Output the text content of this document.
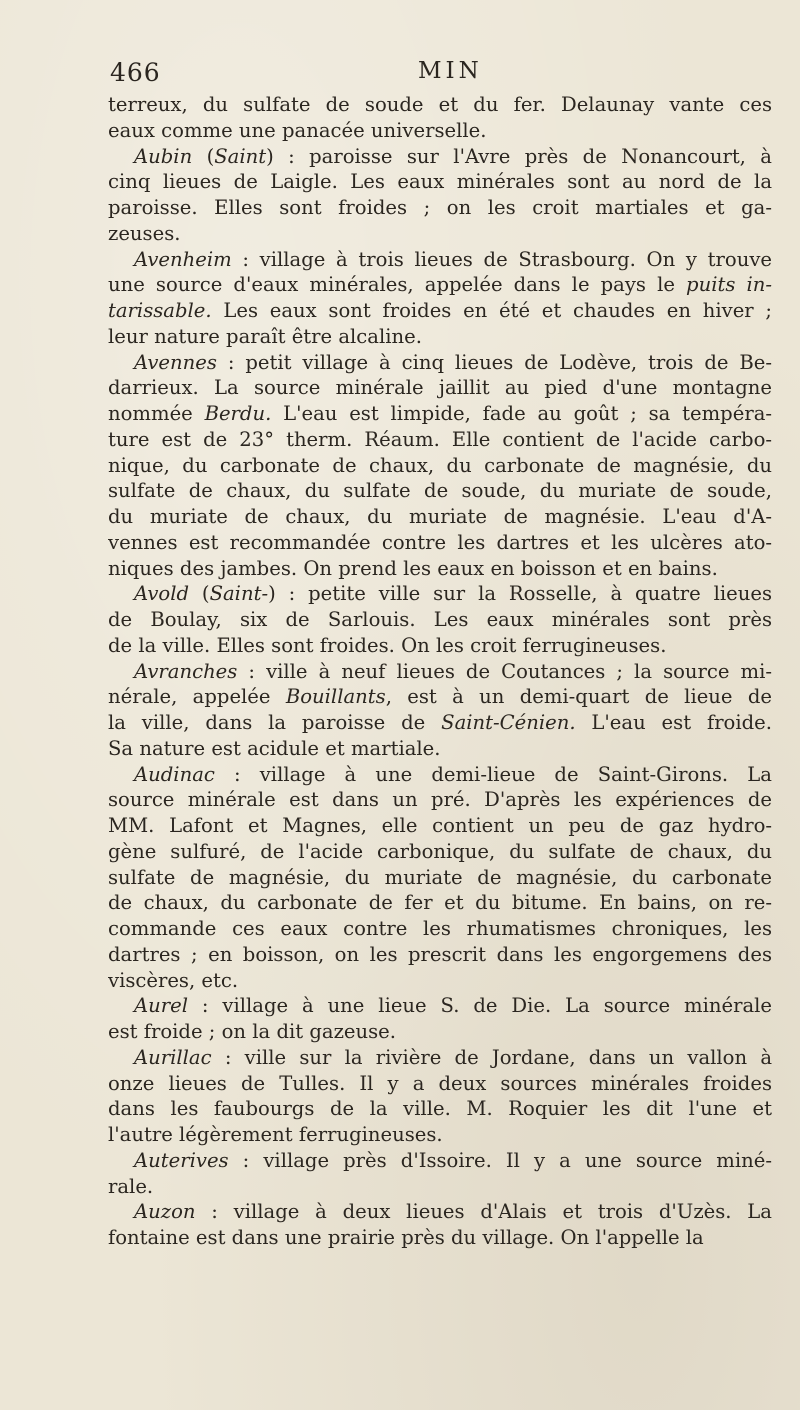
466	MIN
terreux, du sulfate de soude et du fer. Delaunay vante ces
eaux comme une panacée universelle.
Aubin (Saint) : paroisse sur l'Avre près de Nonancourt, à
cinq lieues de Laigle. Les eaux minérales sont au nord de la
paroisse. Elles sont froides ; on les croit martiales et ga-
zeuses.
Avenheim : village à trois lieues de Strasbourg. On y trouve
une source d'eaux minérales, appelée dans le pays le puits in-
tarissable. Les eaux sont froides en été et chaudes en hiver ;
leur nature paraît être alcaline.
Avennes : petit village à cinq lieues de Lodève, trois de Be-
darrieux. La source minérale jaillit au pied d'une montagne
nommée Berdu. L'eau est limpide, fade au goût ; sa tempéra-
ture est de 23° therm. Réaum. Elle contient de l'acide carbo-
nique, du carbonate de chaux, du carbonate de magnésie, du
sulfate de chaux, du sulfate de soude, du muriate de soude,
du muriate de chaux, du muriate de magnésie. L'eau d'A-
vennes est recommandée contre les dartres et les ulcères ato-
niques des jambes. On prend les eaux en boisson et en bains.
Avold (Saint-) : petite ville sur la Rosselle, à quatre lieues
de Boulay, six de Sarlouis. Les eaux minérales sont près
de la ville. Elles sont froides. On les croit ferrugineuses.
Avranches : ville à neuf lieues de Coutances ; la source mi-
nérale, appelée Bouillants, est à un demi-quart de lieue de
la ville, dans la paroisse de Saint-Cénien. L'eau est froide.
Sa nature est acidule et martiale.
Audinac : village à une demi-lieue de Saint-Girons. La
source minérale est dans un pré. D'après les expériences de
MM. Lafont et Magnes, elle contient un peu de gaz hydro-
gène sulfuré, de l'acide carbonique, du sulfate de chaux, du
sulfate de magnésie, du muriate de magnésie, du carbonate
de chaux, du carbonate de fer et du bitume. En bains, on re-
commande ces eaux contre les rhumatismes chroniques, les
dartres ; en boisson, on les prescrit dans les engorgemens des
viscères, etc.
Aurel : village à une lieue S. de Die. La source minérale
est froide ; on la dit gazeuse.
Aurillac : ville sur la rivière de Jordane, dans un vallon à
onze lieues de Tulles. Il y a deux sources minérales froides
dans les faubourgs de la ville. M. Roquier les dit l'une et
l'autre légèrement ferrugineuses.
Auterives : village près d'Issoire. Il y a une source miné-
rale.
Auzon : village à deux lieues d'Alais et trois d'Uzès. La
fontaine est dans une prairie près du village. On l'appelle la
